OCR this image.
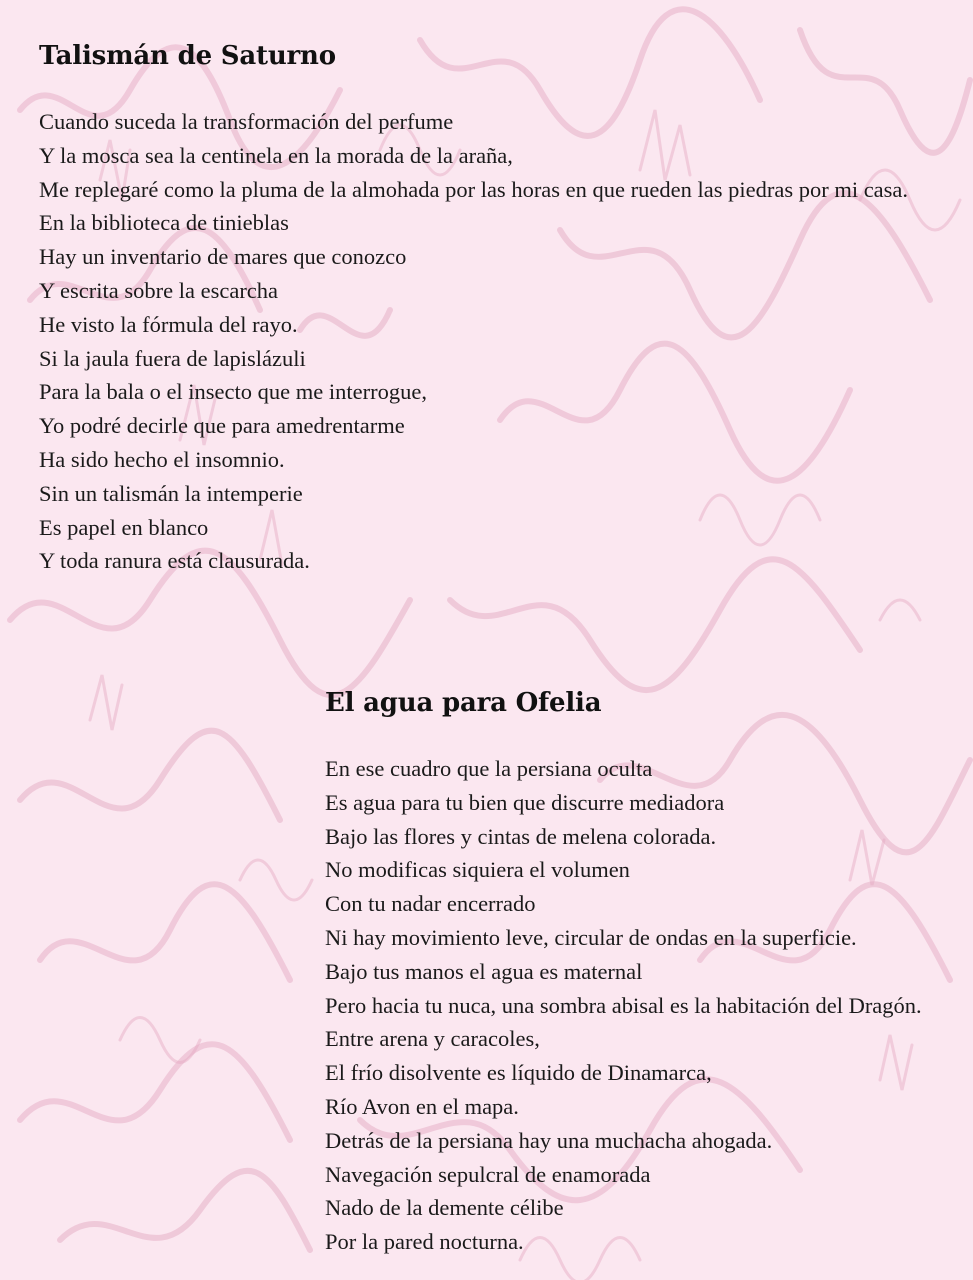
Talismán de Saturno
Cuando suceda la transformación del perfume
Y la mosca sea la centinela en la morada de la araña,
Me replegaré como la pluma de la almohada por las horas en que rueden las piedras por mi casa.
En la biblioteca de tinieblas
Hay un inventario de mares que conozco
Y escrita sobre la escarcha
He visto la fórmula del rayo.
Si la jaula fuera de lapislázuli
Para la bala o el insecto que me interrogue,
Yo podré decirle que para amedrentarme
Ha sido hecho el insomnio.
Sin un talismán la intemperie
Es papel en blanco
Y toda ranura está clausurada.
El agua para Ofelia
En ese cuadro que la persiana oculta
Es agua para tu bien que discurre mediadora
Bajo las flores y cintas de melena colorada.
No modificas siquiera el volumen
Con tu nadar encerrado
Ni hay movimiento leve, circular de ondas en la superficie.
Bajo tus manos el agua es maternal
Pero hacia tu nuca, una sombra abisal es la habitación del Dragón.
Entre arena y caracoles,
El frío disolvente es líquido de Dinamarca,
Río Avon en el mapa.
Detrás de la persiana hay una muchacha ahogada.
Navegación sepulcral de enamorada
Nado de la demente célibe
Por la pared nocturna.
